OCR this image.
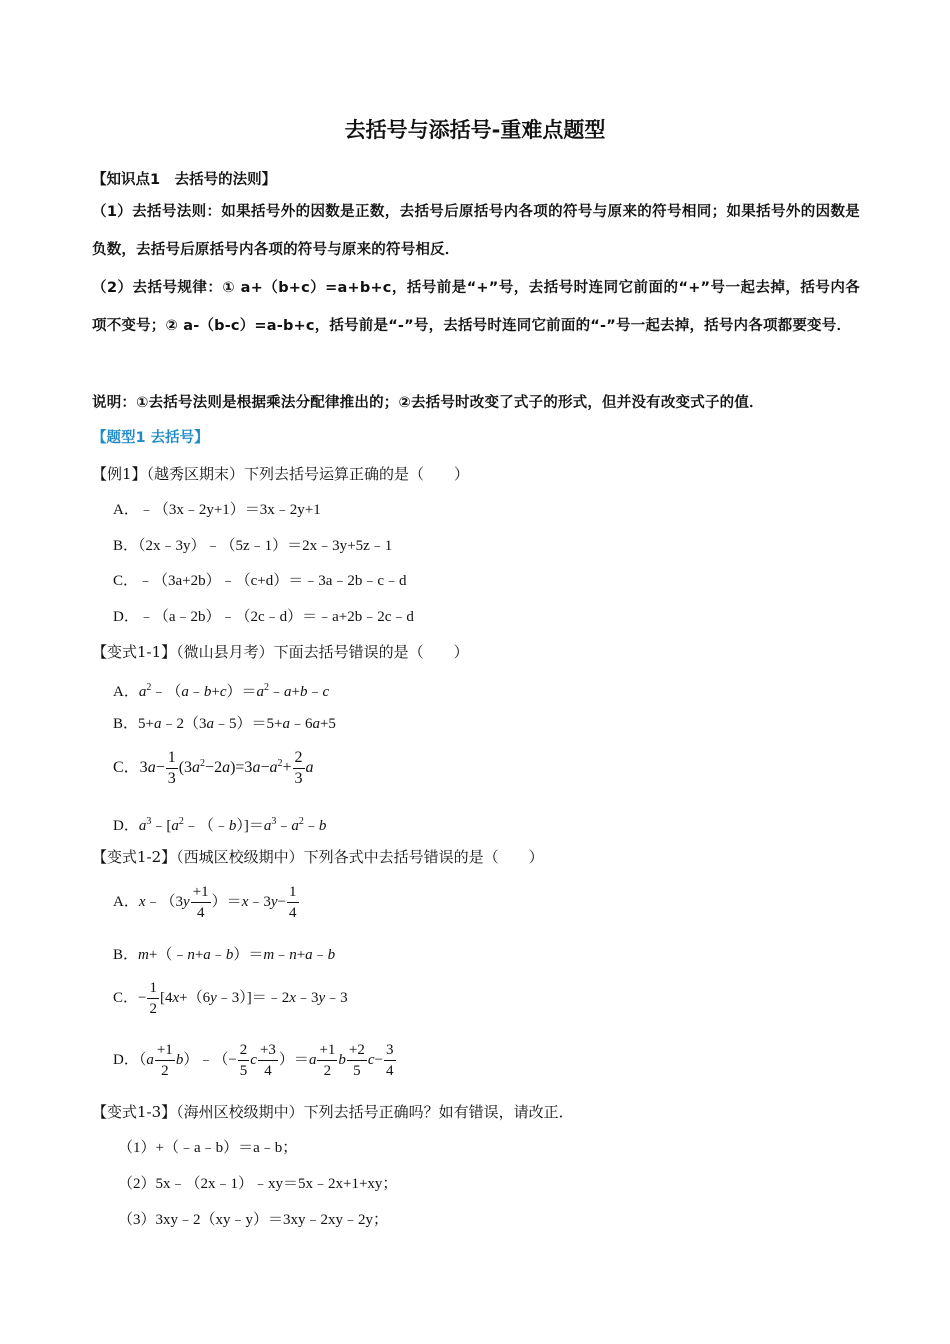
去括号与添括号-重难点题型
【知识点1　去括号的法则】
（1）去括号法则：如果括号外的因数是正数，去括号后原括号内各项的符号与原来的符号相同；如果括号外的因数是负数，去括号后原括号内各项的符号与原来的符号相反．
（2）去括号规律：① a+（b+c）=a+b+c，括号前是“+”号，去括号时连同它前面的“+”号一起去掉，括号内各项不变号；② a-（b-c）=a-b+c，括号前是“-”号，去括号时连同它前面的“-”号一起去掉，括号内各项都要变号．
说明：①去括号法则是根据乘法分配律推出的；②去括号时改变了式子的形式，但并没有改变式子的值．
【题型1 去括号】
【例1】（越秀区期末）下列去括号运算正确的是（　　）
A．﹣（3x﹣2y+1）＝3x﹣2y+1
B．（2x﹣3y）﹣（5z﹣1）＝2x﹣3y+5z﹣1
C．﹣（3a+2b）﹣（c+d）＝﹣3a﹣2b﹣c﹣d
D．﹣（a﹣2b）﹣（2c﹣d）＝﹣a+2b﹣2c﹣d
【变式1-1】（微山县月考）下面去括号错误的是（　　）
A．$a^2﹣(a﹣b+c)=a^2﹣a+b﹣c$
B．5+a﹣2（3a﹣5）＝5+a﹣6a+5
C．$3a- \frac{1}{3} (3a^2-2a)=3a-a^2+ \frac{2}{3}$ a
D．$a^3﹣[a^2﹣(﹣b)]=a^3﹣a^2﹣b$
【变式1-2】（西城区校级期中）下列各式中去括号错误的是（　　）
A．x﹣（3y $\frac{+1}{4}$ ）＝x﹣3y− $\frac{1}{4}$
B．m+（﹣n+a﹣b）＝m﹣n+a﹣b
C．− $\frac{1}{2}$ [4x+（6y﹣3）]＝﹣2x﹣3y﹣3
D．（$a \frac{+1}{2}$ b）﹣（− $\frac{2}{5}$ c $\frac{+3}{4} )=a \frac{+1}{2}$ b $\frac{+2}{5} c- \frac{3}{4}$
【变式1-3】（海州区校级期中）下列去括号正确吗？如有错误，请改正．
（1）+（﹣a﹣b）＝a﹣b；
（2）5x﹣（2x﹣1）﹣xy＝5x﹣2x+1+xy；
（3）3xy﹣2（xy﹣y）＝3xy﹣2xy﹣2y；
